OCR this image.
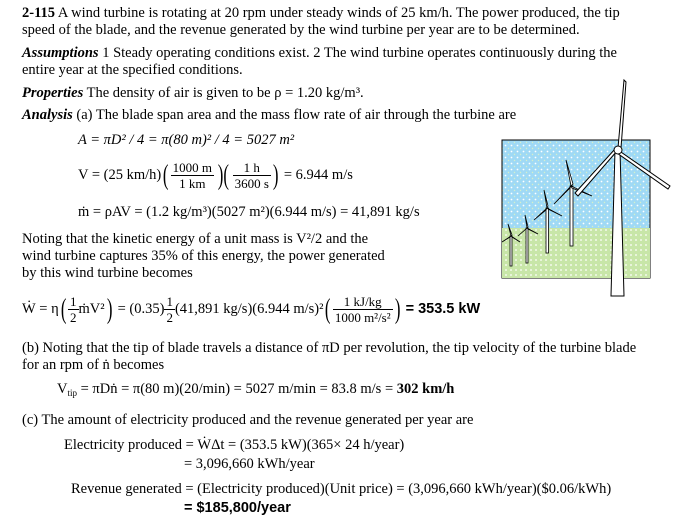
2-115 A wind turbine is rotating at 20 rpm under steady winds of 25 km/h. The power produced, the tip
speed of the blade, and the revenue generated by the wind turbine per year are to be determined.
Assumptions 1 Steady operating conditions exist. 2 The wind turbine operates continuously during the
entire year at the specified conditions.
Properties The density of air is given to be ρ = 1.20 kg/m³.
Analysis (a) The blade span area and the mass flow rate of air through the turbine are
A = πD² / 4 = π(80 m)² / 4 = 5027 m²
V = (25 $km/h)( \frac{1000 m}{1 km}$ )( $\frac{1 h}{3600 s}$ ) = 6.944 m/s
ṁ = ρAV = (1.2 kg/m³)(5027 m²)(6.944 m/s) = 41,891 kg/s
Noting that the kinetic energy of a unit mass is V²/2 and the
wind turbine captures 35% of this energy, the power generated
by this wind turbine becomes
Ẇ = $\eta( \frac{1}{2}$ ṁV²) = $(0.35) \frac{1}{2} (41,891$ kg/s)(6.944 $m/s)^2( \frac{1 kJ/kg}{\text{1000 m²/s²}}$ ) = 353.5 kW
(b) Noting that the tip of blade travels a distance of πD per revolution, the tip velocity of the turbine blade
for an rpm of ṅ becomes
$V_{tip}$ = πDṅ = π(80 m)(20/min) = 5027 m/min = 83.8 m/s = 302 km/h
(c) The amount of electricity produced and the revenue generated per year are
Electricity produced = ẆΔt = (353.5 kW)(365× 24 h/year)
= 3,096,660 kWh/year
Revenue generated = (Electricity produced)(Unit price) = (3,096,660 kWh/year)($0.06/kWh)
= $185,800/year
